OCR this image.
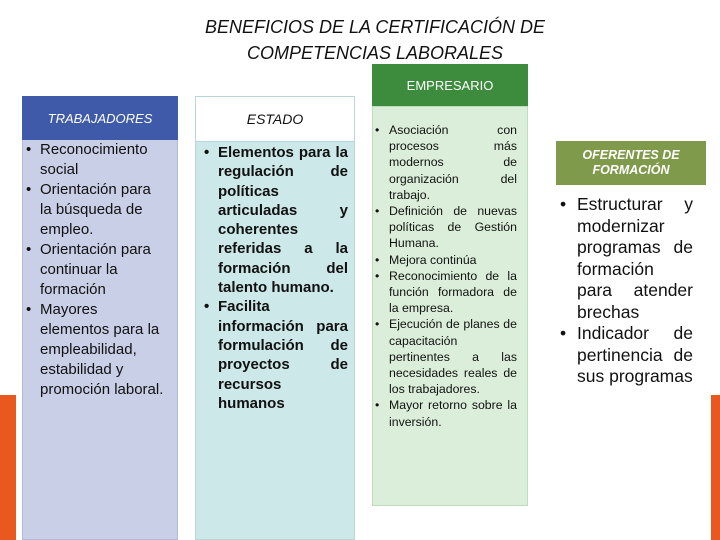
BENEFICIOS DE LA CERTIFICACIÓN DE COMPETENCIAS LABORALES
TRABAJADORES
• Reconocimiento social
• Orientación para la búsqueda de empleo.
• Orientación para continuar la formación
• Mayores elementos para la empleabilidad, estabilidad y promoción laboral.
ESTADO
• Elementos para la regulación de políticas articuladas y coherentes referidas a la formación del talento humano.
• Facilita información para formulación de proyectos de recursos humanos
EMPRESARIO
• Asociación con procesos más modernos de organización del trabajo.
• Definición de nuevas políticas de Gestión Humana.
• Mejora continúa
• Reconocimiento de la función formadora de la empresa.
• Ejecución de planes de capacitación pertinentes a las necesidades reales de los trabajadores.
• Mayor retorno sobre la inversión.
OFERENTES DE FORMACIÓN
• Estructurar y modernizar programas de formación para atender brechas
• Indicador de pertinencia de sus programas
